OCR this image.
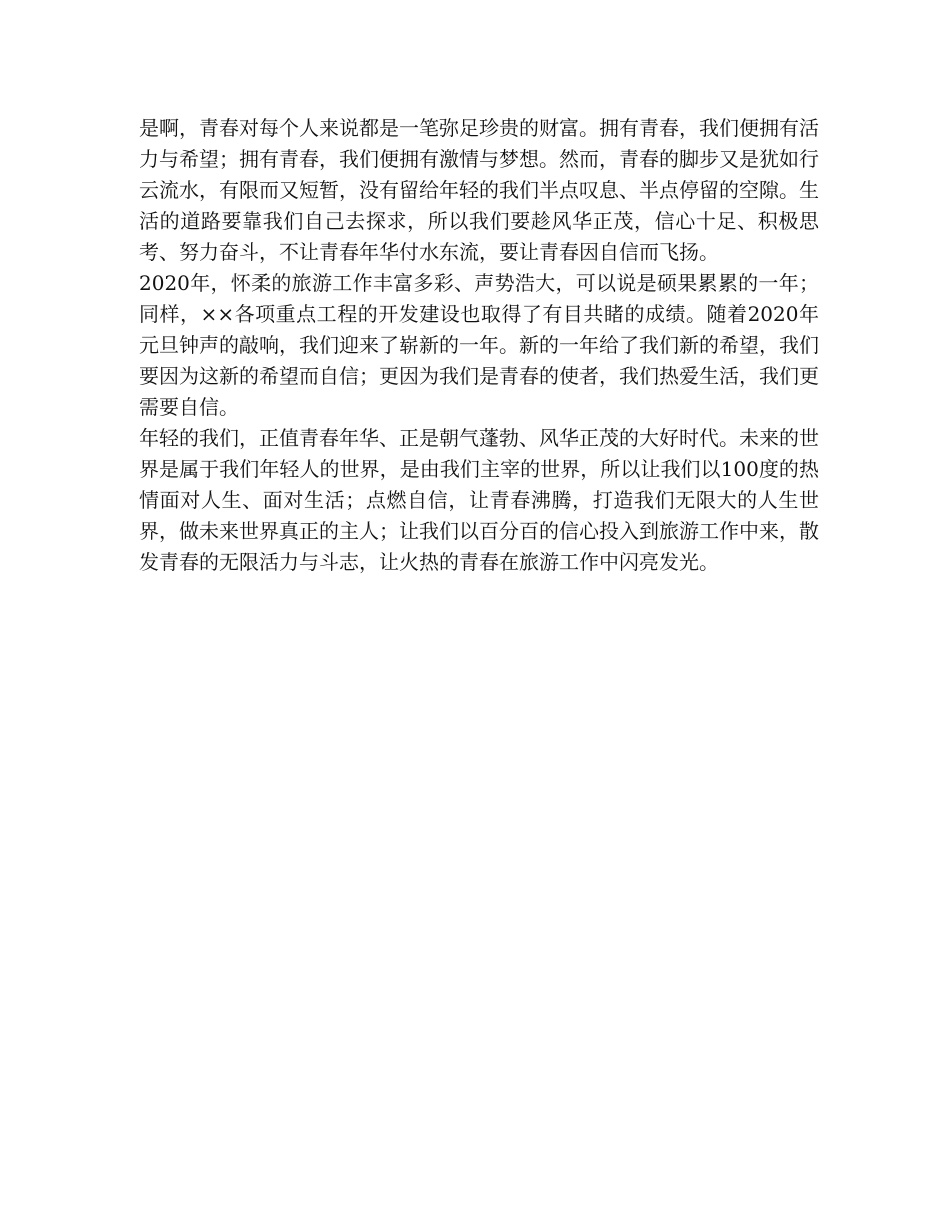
是啊，青春对每个人来说都是一笔弥足珍贵的财富。拥有青春，我们便拥有活力与希望；拥有青春，我们便拥有激情与梦想。然而，青春的脚步又是犹如行云流水，有限而又短暂，没有留给年轻的我们半点叹息、半点停留的空隙。生活的道路要靠我们自己去探求，所以我们要趁风华正茂，信心十足、积极思考、努力奋斗，不让青春年华付水东流，要让青春因自信而飞扬。

2020年，怀柔的旅游工作丰富多彩、声势浩大，可以说是硕果累累的一年；同样，××各项重点工程的开发建设也取得了有目共睹的成绩。随着2020年元旦钟声的敲响，我们迎来了崭新的一年。新的一年给了我们新的希望，我们要因为这新的希望而自信；更因为我们是青春的使者，我们热爱生活，我们更需要自信。

年轻的我们，正值青春年华、正是朝气蓬勃、风华正茂的大好时代。未来的世界是属于我们年轻人的世界，是由我们主宰的世界，所以让我们以100度的热情面对人生、面对生活；点燃自信，让青春沸腾，打造我们无限大的人生世界，做未来世界真正的主人；让我们以百分百的信心投入到旅游工作中来，散发青春的无限活力与斗志，让火热的青春在旅游工作中闪亮发光。
